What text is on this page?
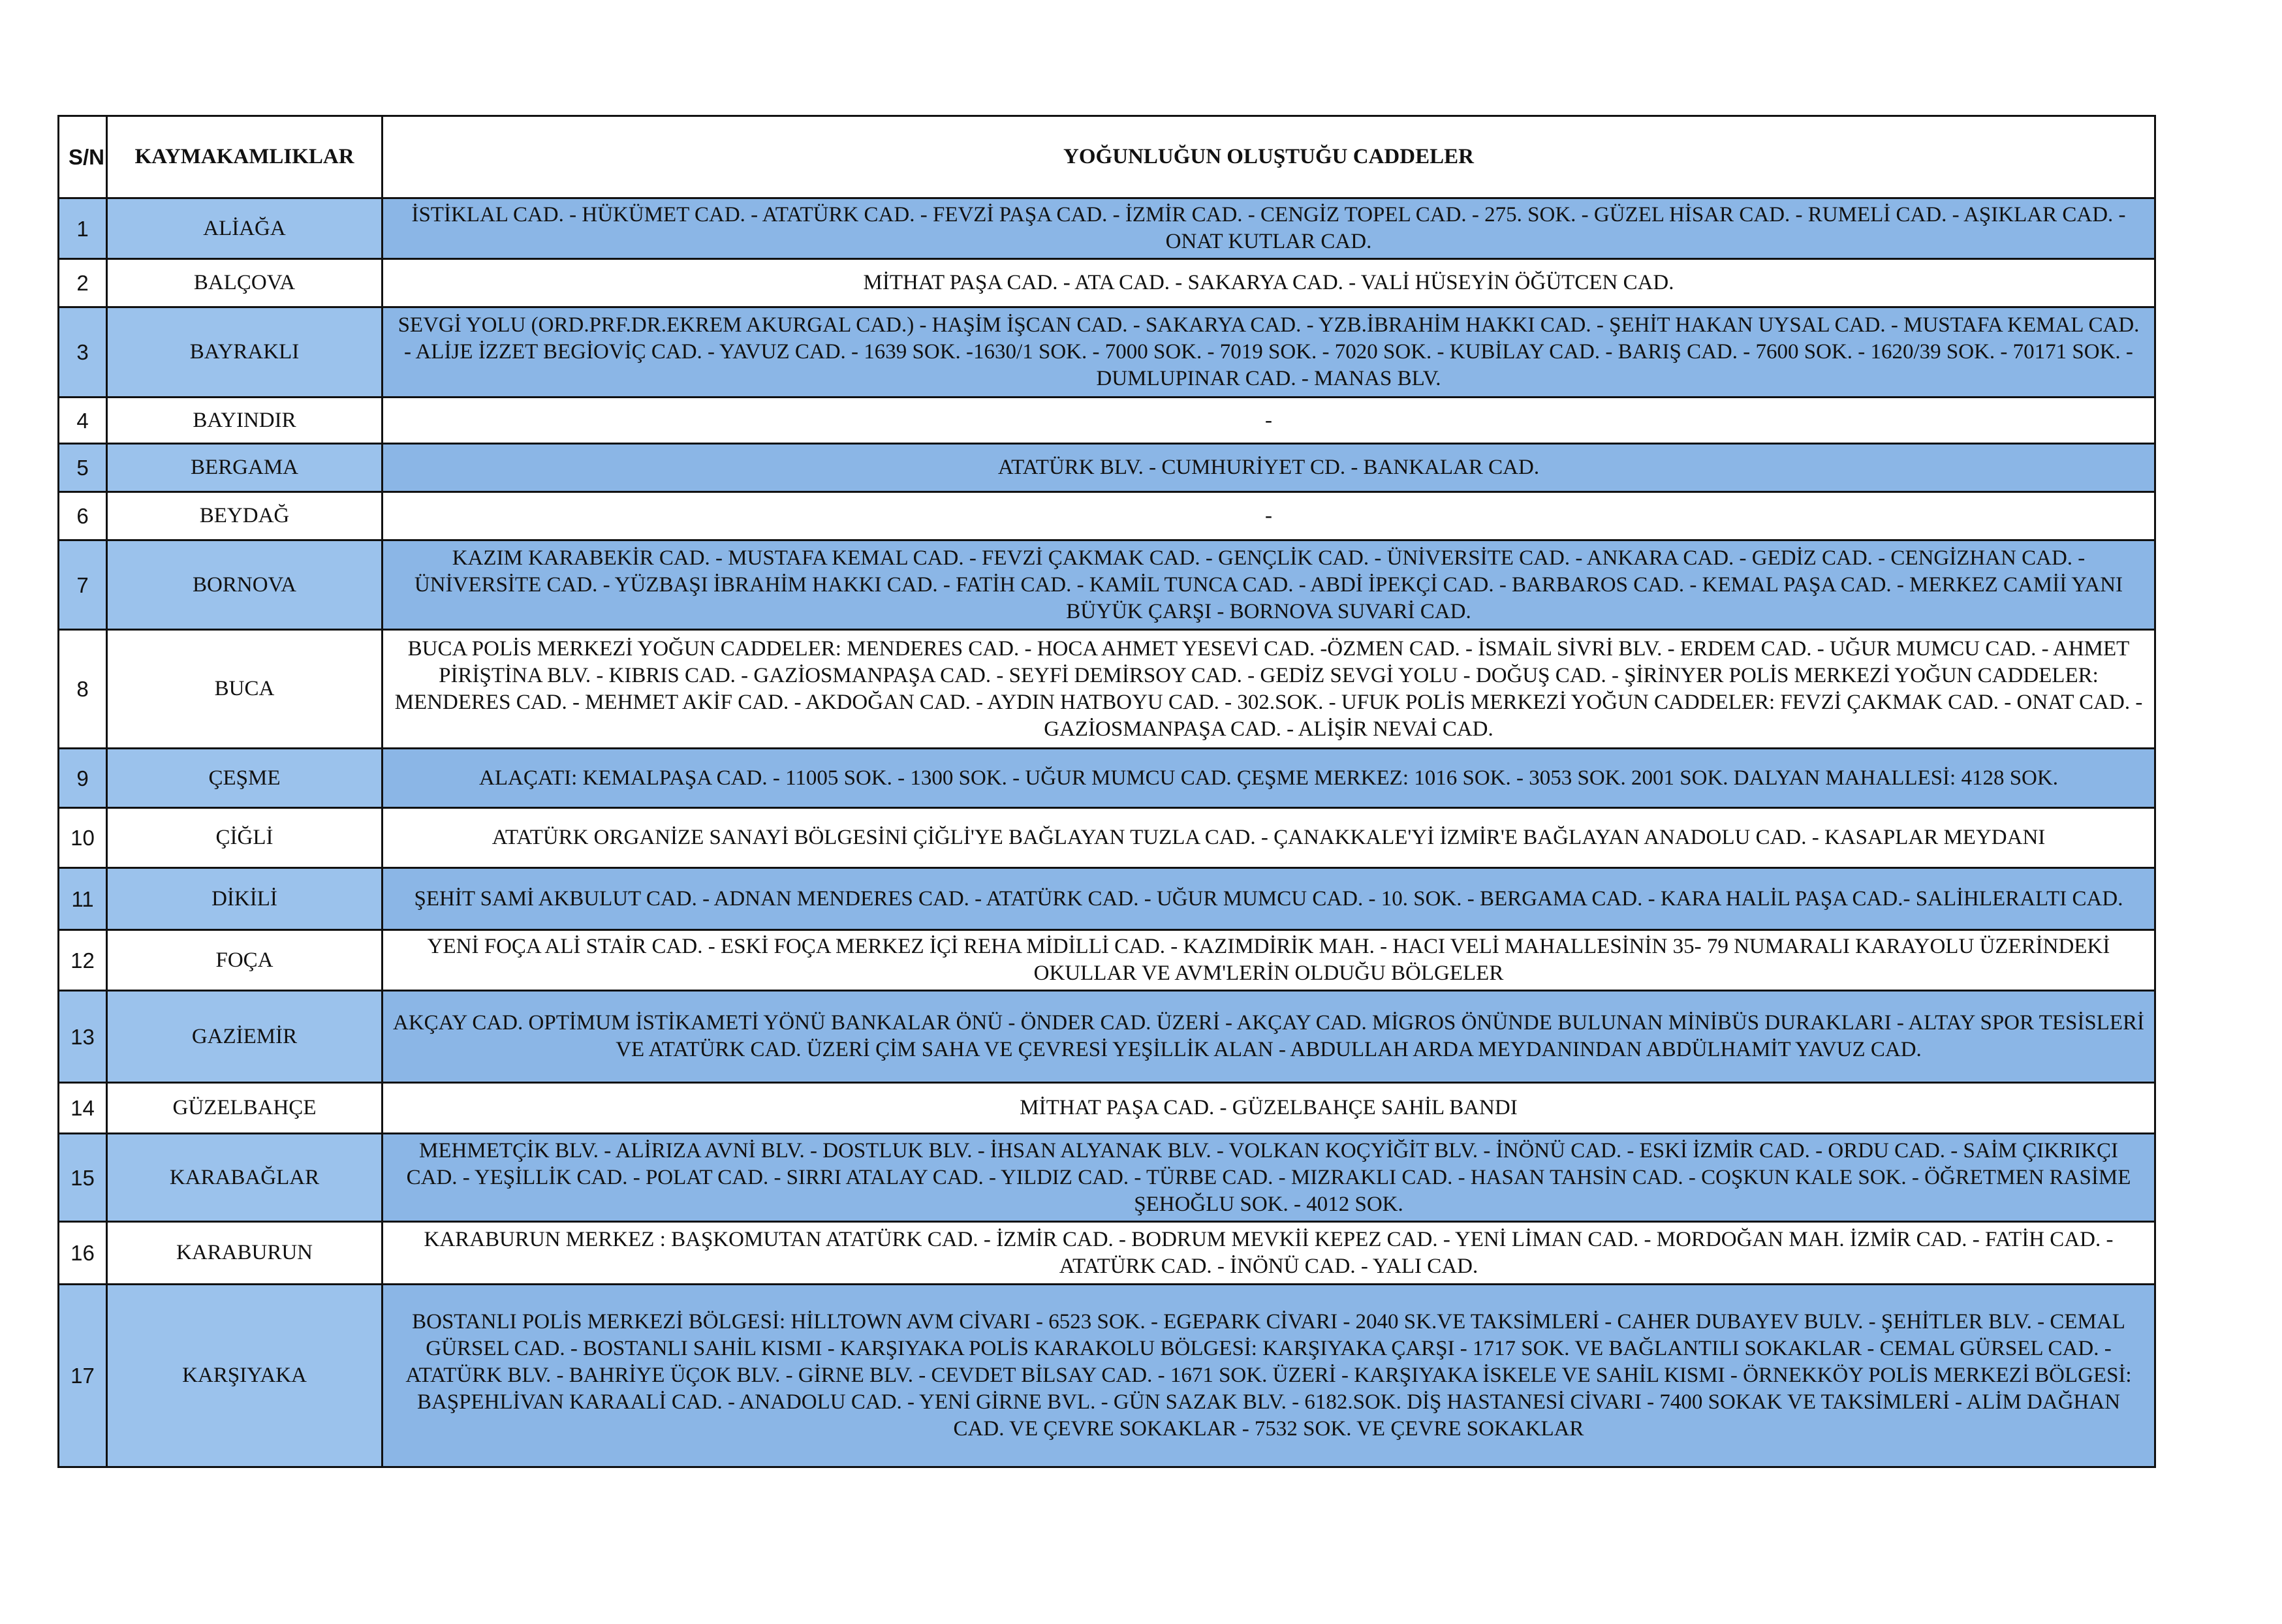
S/N	KAYMAKAMLIKLAR	YOĞUNLUĞUN OLUŞTUĞU CADDELER
1	ALİAĞA	İSTİKLAL CAD. - HÜKÜMET CAD. - ATATÜRK CAD. - FEVZİ PAŞA CAD. - İZMİR CAD. - CENGİZ TOPEL CAD. - 275. SOK. - GÜZEL HİSAR CAD. - RUMELİ CAD. - AŞIKLAR CAD. - ONAT KUTLAR CAD.
2	BALÇOVA	MİTHAT PAŞA CAD. - ATA CAD. - SAKARYA CAD. - VALİ HÜSEYİN ÖĞÜTCEN CAD.
3	BAYRAKLI	SEVGİ YOLU (ORD.PRF.DR.EKREM AKURGAL CAD.) - HAŞİM İŞCAN CAD. - SAKARYA CAD. - YZB.İBRAHİM HAKKI CAD. - ŞEHİT HAKAN UYSAL CAD. - MUSTAFA KEMAL CAD. - ALİJE İZZET BEGİOVİÇ CAD. - YAVUZ CAD. - 1639 SOK. -1630/1 SOK. - 7000 SOK. - 7019 SOK. - 7020 SOK. - KUBİLAY CAD. - BARIŞ CAD. - 7600 SOK. - 1620/39 SOK. - 70171 SOK. - DUMLUPINAR CAD. - MANAS BLV.
4	BAYINDIR	-
5	BERGAMA	ATATÜRK BLV. - CUMHURİYET CD. - BANKALAR CAD.
6	BEYDAĞ	-
7	BORNOVA	KAZIM KARABEKİR CAD. - MUSTAFA KEMAL CAD. - FEVZİ ÇAKMAK CAD. - GENÇLİK CAD. - ÜNİVERSİTE CAD. - ANKARA CAD. - GEDİZ CAD. - CENGİZHAN CAD. - ÜNİVERSİTE CAD. - YÜZBAŞI İBRAHİM HAKKI CAD. - FATİH CAD. - KAMİL TUNCA CAD. - ABDİ İPEKÇİ CAD. - BARBAROS CAD. - KEMAL PAŞA CAD. - MERKEZ CAMİİ YANI BÜYÜK ÇARŞI - BORNOVA SUVARİ CAD.
8	BUCA	BUCA POLİS MERKEZİ YOĞUN CADDELER: MENDERES CAD. - HOCA AHMET YESEVİ CAD. -ÖZMEN CAD. - İSMAİL SİVRİ BLV. - ERDEM CAD. - UĞUR MUMCU CAD. - AHMET PİRİŞTİNA BLV. - KIBRIS CAD. - GAZİOSMANPAŞA CAD. - SEYFİ DEMİRSOY CAD. - GEDİZ SEVGİ YOLU - DOĞUŞ CAD. - ŞİRİNYER POLİS MERKEZİ YOĞUN CADDELER: MENDERES CAD. - MEHMET AKİF CAD. - AKDOĞAN CAD. - AYDIN HATBOYU CAD. - 302.SOK. - UFUK POLİS MERKEZİ YOĞUN CADDELER: FEVZİ ÇAKMAK CAD. - ONAT CAD. - GAZİOSMANPAŞA CAD. - ALİŞİR NEVAİ CAD.
9	ÇEŞME	ALAÇATI: KEMALPAŞA CAD. - 11005 SOK. - 1300 SOK. - UĞUR MUMCU CAD. ÇEŞME MERKEZ: 1016 SOK. - 3053 SOK. 2001 SOK. DALYAN MAHALLESİ: 4128 SOK.
10	ÇİĞLİ	ATATÜRK ORGANİZE SANAYİ BÖLGESİNİ ÇİĞLİ'YE BAĞLAYAN TUZLA CAD. - ÇANAKKALE'Yİ İZMİR'E BAĞLAYAN ANADOLU CAD. - KASAPLAR MEYDANI
11	DİKİLİ	ŞEHİT SAMİ AKBULUT CAD. - ADNAN MENDERES CAD. - ATATÜRK CAD. - UĞUR MUMCU CAD. - 10. SOK. - BERGAMA CAD. - KARA HALİL PAŞA CAD.- SALİHLERALTI CAD.
12	FOÇA	YENİ FOÇA ALİ STAİR CAD. - ESKİ FOÇA MERKEZ İÇİ REHA MİDİLLİ CAD. - KAZIMDİRİK MAH. - HACI VELİ MAHALLESİNİN 35- 79 NUMARALI KARAYOLU ÜZERİNDEKİ OKULLAR VE AVM'LERİN OLDUĞU BÖLGELER
13	GAZİEMİR	AKÇAY CAD. OPTİMUM İSTİKAMETİ YÖNÜ BANKALAR ÖNÜ - ÖNDER CAD. ÜZERİ - AKÇAY CAD. MİGROS ÖNÜNDE BULUNAN MİNİBÜS DURAKLARI - ALTAY SPOR TESİSLERİ VE ATATÜRK CAD. ÜZERİ ÇİM SAHA VE ÇEVRESİ YEŞİLLİK ALAN - ABDULLAH ARDA MEYDANINDAN ABDÜLHAMİT YAVUZ CAD.
14	GÜZELBAHÇE	MİTHAT PAŞA CAD. - GÜZELBAHÇE SAHİL BANDI
15	KARABAĞLAR	MEHMETÇİK BLV. - ALİRIZA AVNİ BLV. - DOSTLUK BLV. - İHSAN ALYANAK BLV. - VOLKAN KOÇYİĞİT BLV. - İNÖNÜ CAD. - ESKİ İZMİR CAD. - ORDU CAD. - SAİM ÇIKRIKÇI CAD. - YEŞİLLİK CAD. - POLAT CAD. - SIRRI ATALAY CAD. - YILDIZ CAD. - TÜRBE CAD. - MIZRAKLI CAD. - HASAN TAHSİN CAD. - COŞKUN KALE SOK. - ÖĞRETMEN RASİME ŞEHOĞLU SOK. - 4012 SOK.
16	KARABURUN	KARABURUN MERKEZ : BAŞKOMUTAN ATATÜRK CAD. - İZMİR CAD. - BODRUM MEVKİİ KEPEZ CAD. - YENİ LİMAN CAD. - MORDOĞAN MAH. İZMİR CAD. - FATİH CAD. - ATATÜRK CAD. - İNÖNÜ CAD. - YALI CAD.
17	KARŞIYAKA	BOSTANLI POLİS MERKEZİ BÖLGESİ: HİLLTOWN AVM CİVARI - 6523 SOK. - EGEPARK CİVARI - 2040 SK.VE TAKSİMLERİ - CAHER DUBAYEV BULV. - ŞEHİTLER BLV. - CEMAL GÜRSEL CAD. - BOSTANLI SAHİL KISMI - KARŞIYAKA POLİS KARAKOLU BÖLGESİ: KARŞIYAKA ÇARŞI - 1717 SOK. VE BAĞLANTILI SOKAKLAR - CEMAL GÜRSEL CAD. - ATATÜRK BLV. - BAHRİYE ÜÇOK BLV. - GİRNE BLV. - CEVDET BİLSAY CAD. - 1671 SOK. ÜZERİ - KARŞIYAKA İSKELE VE SAHİL KISMI - ÖRNEKKÖY POLİS MERKEZİ BÖLGESİ: BAŞPEHLİVAN KARAALİ CAD. - ANADOLU CAD. - YENİ GİRNE BVL. - GÜN SAZAK BLV. - 6182.SOK. DİŞ HASTANESİ CİVARI - 7400 SOKAK VE TAKSİMLERİ - ALİM DAĞHAN CAD. VE ÇEVRE SOKAKLAR - 7532 SOK. VE ÇEVRE SOKAKLAR
